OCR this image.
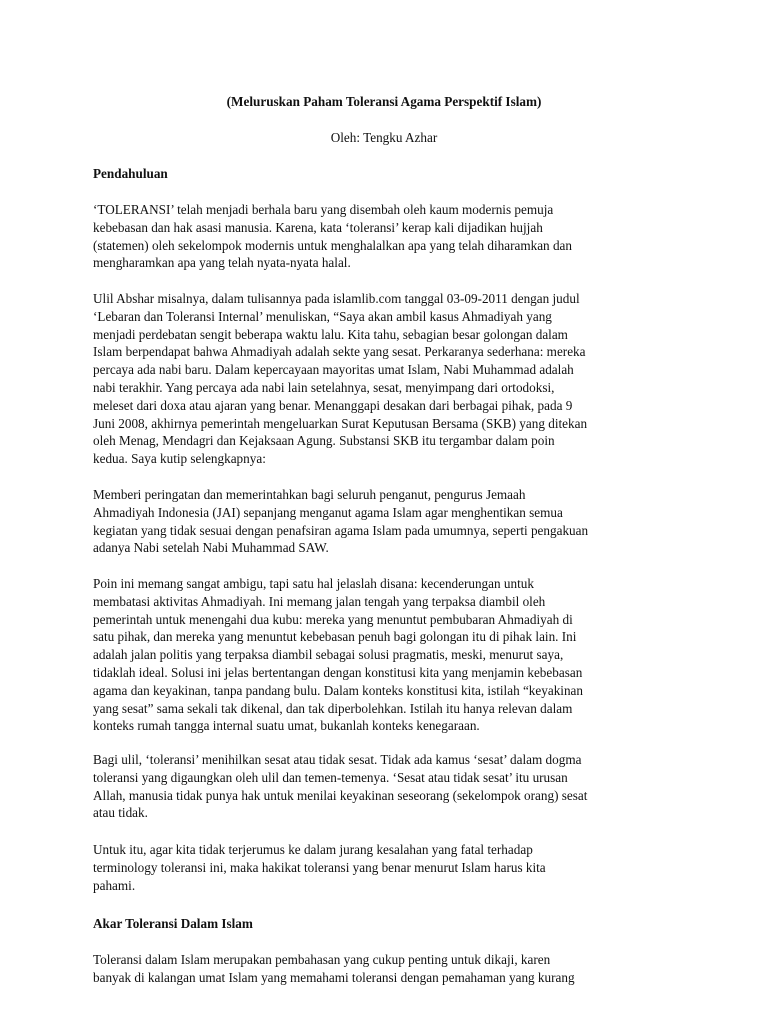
(Meluruskan Paham Toleransi Agama Perspektif Islam)
Oleh: Tengku Azhar
Pendahuluan
‘TOLERANSI’ telah menjadi berhala baru yang disembah oleh kaum modernis pemuja
kebebasan dan hak asasi manusia. Karena, kata ‘toleransi’ kerap kali dijadikan hujjah
(statemen) oleh sekelompok modernis untuk menghalalkan apa yang telah diharamkan dan
mengharamkan apa yang telah nyata-nyata halal.
Ulil Abshar misalnya, dalam tulisannya pada islamlib.com tanggal 03-09-2011 dengan judul
‘Lebaran dan Toleransi Internal’ menuliskan, “Saya akan ambil kasus Ahmadiyah yang
menjadi perdebatan sengit beberapa waktu lalu. Kita tahu, sebagian besar golongan dalam
Islam berpendapat bahwa Ahmadiyah adalah sekte yang sesat. Perkaranya sederhana: mereka
percaya ada nabi baru. Dalam kepercayaan mayoritas umat Islam, Nabi Muhammad adalah
nabi terakhir. Yang percaya ada nabi lain setelahnya, sesat, menyimpang dari ortodoksi,
meleset dari doxa atau ajaran yang benar. Menanggapi desakan dari berbagai pihak, pada 9
Juni 2008, akhirnya pemerintah mengeluarkan Surat Keputusan Bersama (SKB) yang ditekan
oleh Menag, Mendagri dan Kejaksaan Agung. Substansi SKB itu tergambar dalam poin
kedua. Saya kutip selengkapnya:
Memberi peringatan dan memerintahkan bagi seluruh penganut, pengurus Jemaah
Ahmadiyah Indonesia (JAI) sepanjang menganut agama Islam agar menghentikan semua
kegiatan yang tidak sesuai dengan penafsiran agama Islam pada umumnya, seperti pengakuan
adanya Nabi setelah Nabi Muhammad SAW.
Poin ini memang sangat ambigu, tapi satu hal jelaslah disana: kecenderungan untuk
membatasi aktivitas Ahmadiyah. Ini memang jalan tengah yang terpaksa diambil oleh
pemerintah untuk menengahi dua kubu: mereka yang menuntut pembubaran Ahmadiyah di
satu pihak, dan mereka yang menuntut kebebasan penuh bagi golongan itu di pihak lain. Ini
adalah jalan politis yang terpaksa diambil sebagai solusi pragmatis, meski, menurut saya,
tidaklah ideal. Solusi ini jelas bertentangan dengan konstitusi kita yang menjamin kebebasan
agama dan keyakinan, tanpa pandang bulu. Dalam konteks konstitusi kita, istilah “keyakinan
yang sesat” sama sekali tak dikenal, dan tak diperbolehkan. Istilah itu hanya relevan dalam
konteks rumah tangga internal suatu umat, bukanlah konteks kenegaraan.
Bagi ulil, ‘toleransi’ menihilkan sesat atau tidak sesat. Tidak ada kamus ‘sesat’ dalam dogma
toleransi yang digaungkan oleh ulil dan temen-temenya. ‘Sesat atau tidak sesat’ itu urusan
Allah, manusia tidak punya hak untuk menilai keyakinan seseorang (sekelompok orang) sesat
atau tidak.
Untuk itu, agar kita tidak terjerumus ke dalam jurang kesalahan yang fatal terhadap
terminology toleransi ini, maka hakikat toleransi yang benar menurut Islam harus kita
pahami.
Akar Toleransi Dalam Islam
Toleransi dalam Islam merupakan pembahasan yang cukup penting untuk dikaji, karen
banyak di kalangan umat Islam yang memahami toleransi dengan pemahaman yang kurang
